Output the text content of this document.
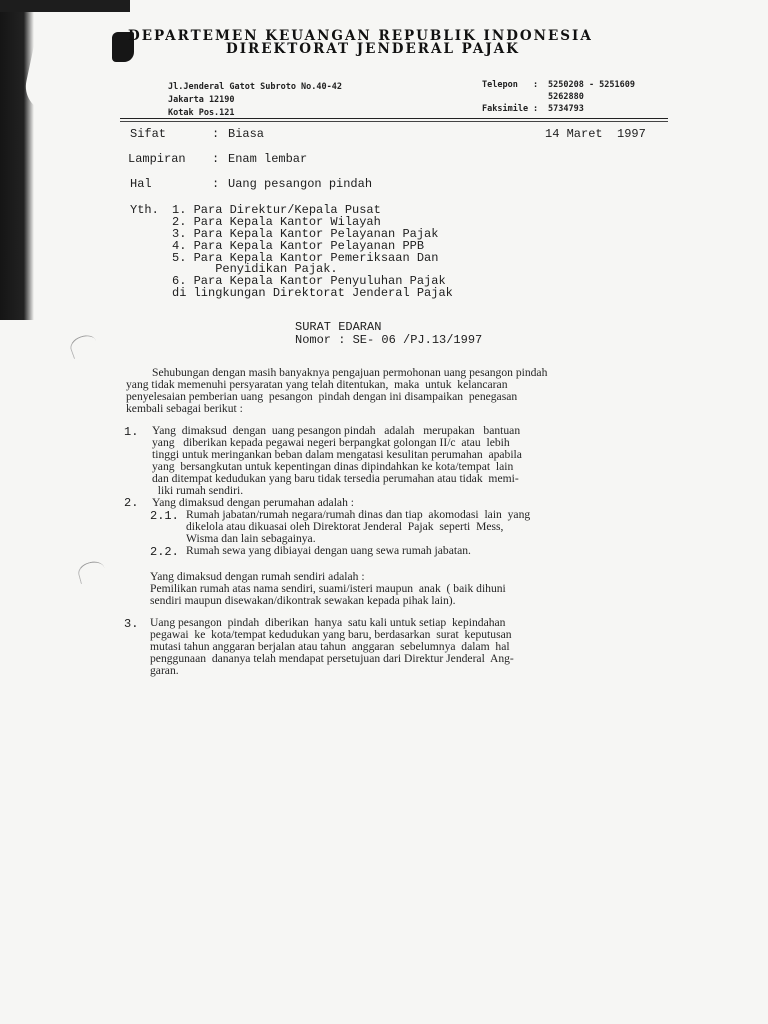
DEPARTEMEN KEUANGAN REPUBLIK INDONESIA
DIREKTORAT JENDERAL PAJAK
Jl.Jenderal Gatot Subroto No.40-42
Jakarta 12190
Kotak Pos.121
Telepon : 5250208 - 5251609
5262880
Faksimile : 5734793
Sifat	: Biasa	14 Maret  1997
Lampiran : Enam lembar
Hal	: Uang pesangon pindah
Yth. 1. Para Direktur/Kepala Pusat
2. Para Kepala Kantor Wilayah
3. Para Kepala Kantor Pelayanan Pajak
4. Para Kepala Kantor Pelayanan PPB
5. Para Kepala Kantor Pemeriksaan Dan
Penyidikan Pajak.
6. Para Kepala Kantor Penyuluhan Pajak
di lingkungan Direktorat Jenderal Pajak
SURAT EDARAN
Nomor : SE- 06 /PJ.13/1997
Sehubungan dengan masih banyaknya pengajuan permohonan uang pesangon pindah
yang tidak memenuhi persyaratan yang telah ditentukan,  maka  untuk  kelancaran
penyelesaian pemberian uang  pesangon  pindah dengan ini disampaikan  penegasan
kembali sebagai berikut :
1. Yang  dimaksud  dengan  uang pesangon pindah   adalah   merupakan   bantuan
yang   diberikan kepada pegawai negeri berpangkat golongan II/c  atau  lebih
tinggi untuk meringankan beban dalam mengatasi kesulitan perumahan  apabila
yang  bersangkutan untuk kepentingan dinas dipindahkan ke kota/tempat  lain
dan ditempat kedudukan yang baru tidak tersedia perumahan atau tidak  memi-
liki rumah sendiri.
2. Yang dimaksud dengan perumahan adalah :
2.1. Rumah jabatan/rumah negara/rumah dinas dan tiap  akomodasi  lain  yang
dikelola atau dikuasai oleh Direktorat Jenderal  Pajak  seperti  Mess,
Wisma dan lain sebagainya.
2.2. Rumah sewa yang dibiayai dengan uang sewa rumah jabatan.
Yang dimaksud dengan rumah sendiri adalah :
Pemilikan rumah atas nama sendiri, suami/isteri maupun  anak  ( baik dihuni
sendiri maupun disewakan/dikontrak sewakan kepada pihak lain).
3. Uang pesangon  pindah  diberikan  hanya  satu kali untuk setiap  kepindahan
pegawai  ke  kota/tempat kedudukan yang baru, berdasarkan  surat  keputusan
mutasi tahun anggaran berjalan atau tahun  anggaran  sebelumnya  dalam  hal
penggunaan  dananya telah mendapat persetujuan dari Direktur Jenderal  Ang-
garan.
